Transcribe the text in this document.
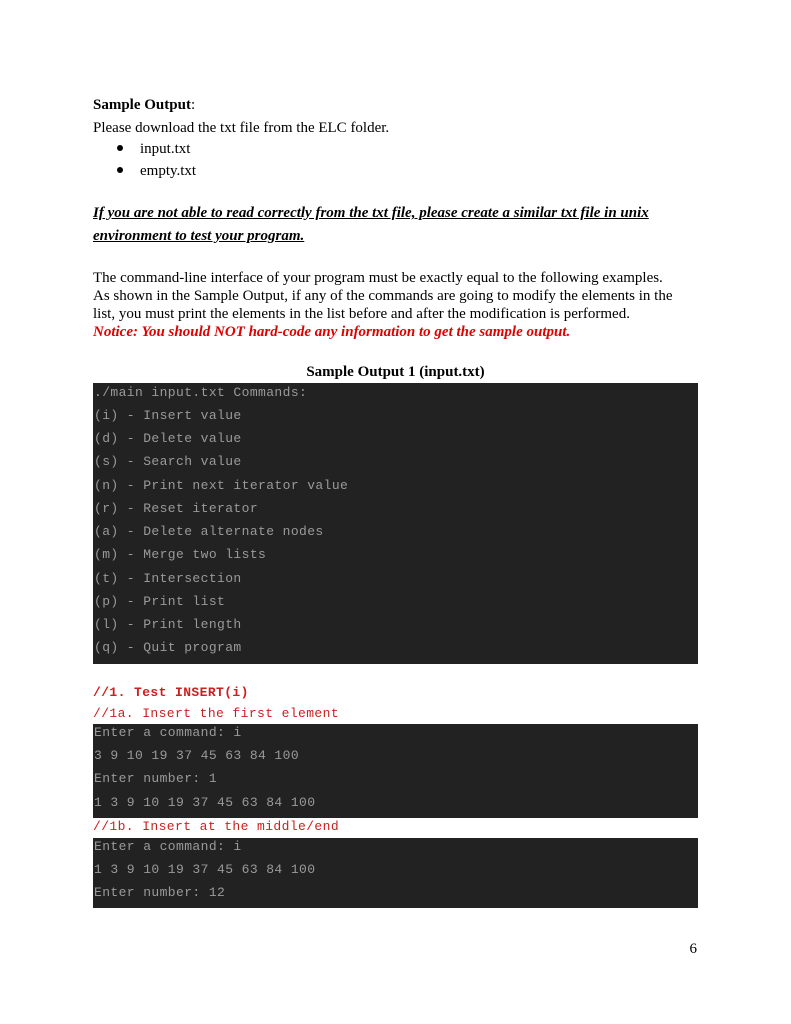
Sample Output:
Please download the txt file from the ELC folder.
input.txt
empty.txt
If you are not able to read correctly from the txt file, please create a similar txt file in unix
environment to test your program.
The command-line interface of your program must be exactly equal to the following examples.
As shown in the Sample Output, if any of the commands are going to modify the elements in the
list, you must print the elements in the list before and after the modification is performed.
Notice: You should NOT hard-code any information to get the sample output.
Sample Output 1 (input.txt)
./main input.txt Commands:
(i) - Insert value
(d) - Delete value
(s) - Search value
(n) - Print next iterator value
(r) - Reset iterator
(a) - Delete alternate nodes
(m) - Merge two lists
(t) - Intersection
(p) - Print list
(l) - Print length
(q) - Quit program
//1. Test INSERT(i)
//1a. Insert the first element
Enter a command: i
3 9 10 19 37 45 63 84 100
Enter number: 1
1 3 9 10 19 37 45 63 84 100
//1b. Insert at the middle/end
Enter a command: i
1 3 9 10 19 37 45 63 84 100
Enter number: 12
6
